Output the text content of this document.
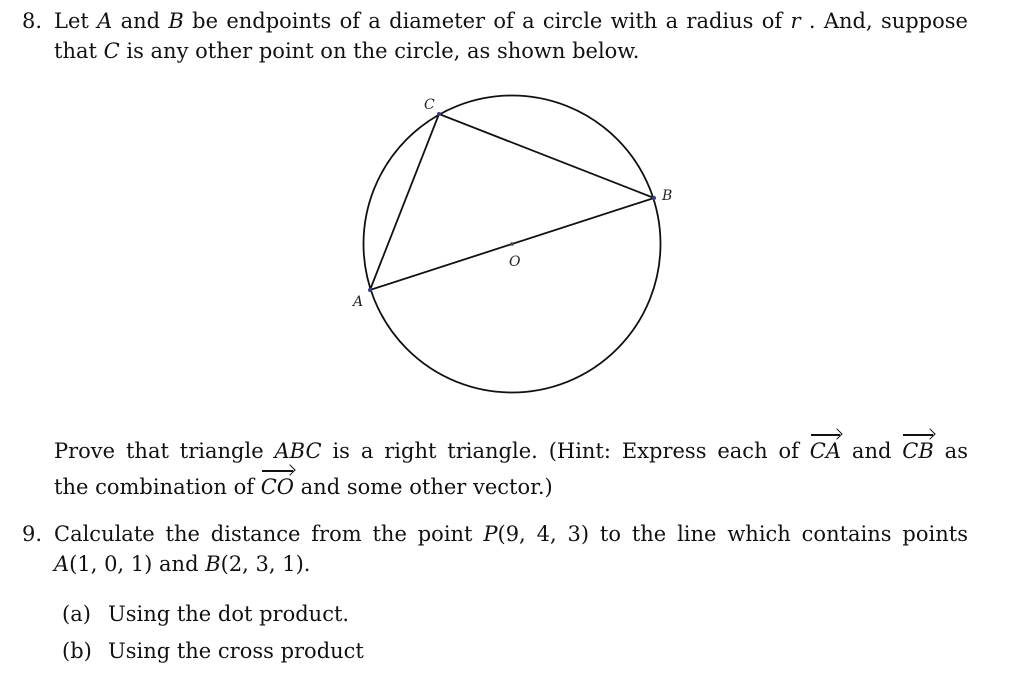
8. Let A and B be endpoints of a diameter of a circle with a radius of r . And, suppose
that C is any other point on the circle, as shown below.
C
B
A
O
Prove that triangle ABC is a right triangle. (Hint: Express each of CA and CB as
the combination of CO and some other vector.)
9. Calculate the distance from the point P(9, 4, 3) to the line which contains points
A(1, 0, 1) and B(2, 3, 1).
(a) Using the dot product.
(b) Using the cross product
